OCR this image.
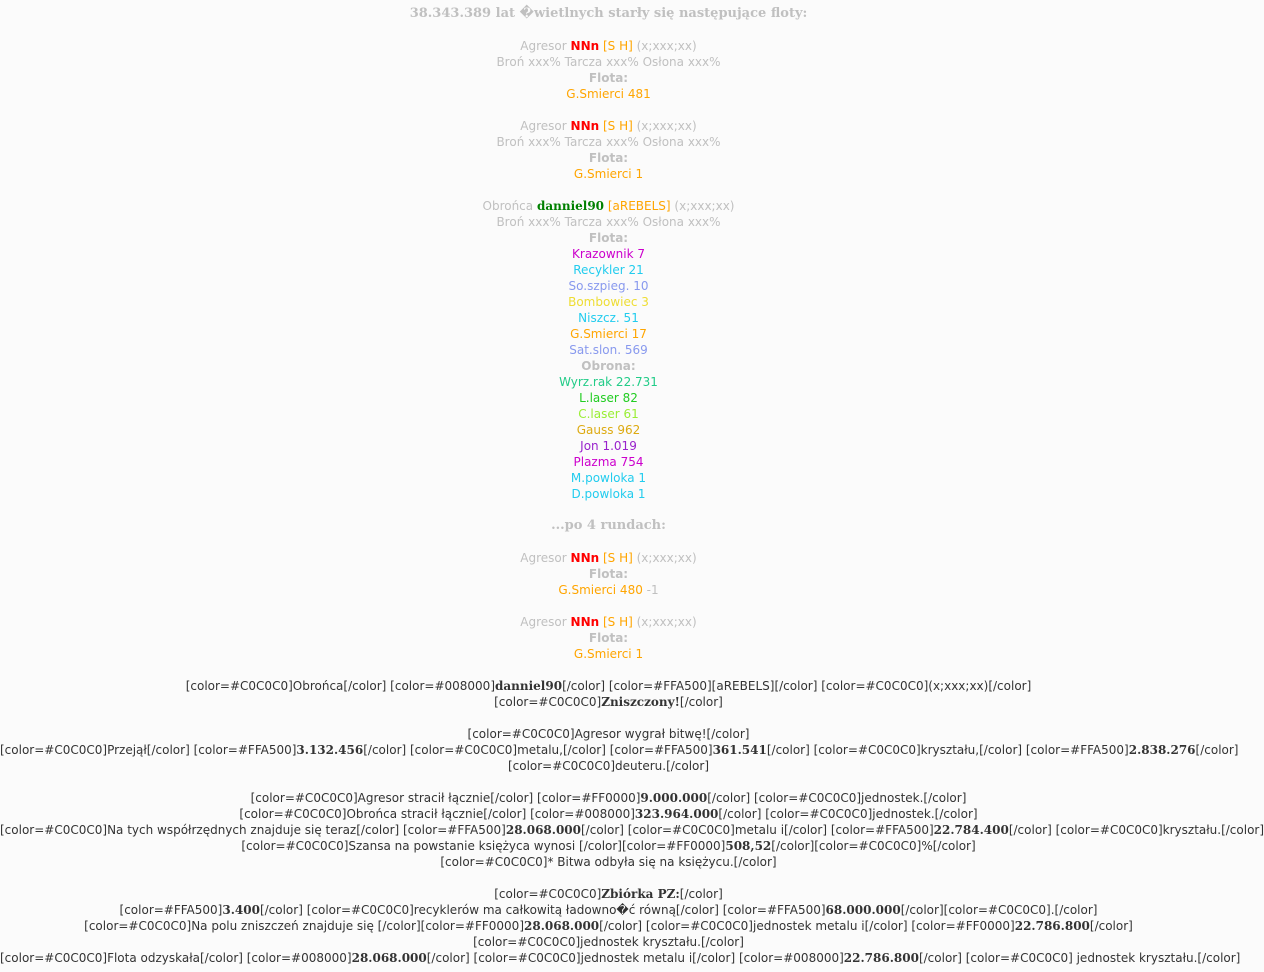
38.343.389 lat �wietlnych starły się następujące floty:
Agresor NNn [S H] (x;xxx;xx)
Broń xxx% Tarcza xxx% Osłona xxx%
Flota:
G.Smierci 481
Agresor NNn [S H] (x;xxx;xx)
Broń xxx% Tarcza xxx% Osłona xxx%
Flota:
G.Smierci 1
Obrońca danniel90 [aREBELS] (x;xxx;xx)
Broń xxx% Tarcza xxx% Osłona xxx%
Flota:
Krazownik 7
Recykler 21
So.szpieg. 10
Bombowiec 3
Niszcz. 51
G.Smierci 17
Sat.slon. 569
Obrona:
Wyrz.rak 22.731
L.laser 82
C.laser 61
Gauss 962
Jon 1.019
Plazma 754
M.powloka 1
D.powloka 1
...po 4 rundach:
Agresor NNn [S H] (x;xxx;xx)
Flota:
G.Smierci 480 -1
Agresor NNn [S H] (x;xxx;xx)
Flota:
G.Smierci 1
[color=#C0C0C0]Obrońca[/color] [color=#008000]danniel90[/color] [color=#FFA500][aREBELS][/color] [color=#C0C0C0](x;xxx;xx)[/color]
[color=#C0C0C0]Zniszczony![/color]
[color=#C0C0C0]Agresor wygrał bitwę![/color]
[color=#C0C0C0]Przejął[/color] [color=#FFA500]3.132.456[/color] [color=#C0C0C0]metalu,[/color] [color=#FFA500]361.541[/color] [color=#C0C0C0]kryształu,[/color] [color=#FFA500]2.838.276[/color]
[color=#C0C0C0]deuteru.[/color]
[color=#C0C0C0]Agresor stracił łącznie[/color] [color=#FF0000]9.000.000[/color] [color=#C0C0C0]jednostek.[/color]
[color=#C0C0C0]Obrońca stracił łącznie[/color] [color=#008000]323.964.000[/color] [color=#C0C0C0]jednostek.[/color]
[color=#C0C0C0]Na tych współrzędnych znajduje się teraz[/color] [color=#FFA500]28.068.000[/color] [color=#C0C0C0]metalu i[/color] [color=#FFA500]22.784.400[/color] [color=#C0C0C0]kryształu.[/color]
[color=#C0C0C0]Szansa na powstanie księżyca wynosi [/color][color=#FF0000]508,52[/color][color=#C0C0C0]%[/color]
[color=#C0C0C0]* Bitwa odbyła się na księżycu.[/color]
[color=#C0C0C0]Zbiórka PZ:[/color]
[color=#FFA500]3.400[/color] [color=#C0C0C0]recyklerów ma całkowitą ładowno�ć równą[/color] [color=#FFA500]68.000.000[/color][color=#C0C0C0].[/color]
[color=#C0C0C0]Na polu zniszczeń znajduje się [/color][color=#FF0000]28.068.000[/color] [color=#C0C0C0]jednostek metalu i[/color] [color=#FF0000]22.786.800[/color] [color=#C0C0C0]jednostek kryształu.[/color]
[color=#C0C0C0]Flota odzyskała[/color] [color=#008000]28.068.000[/color] [color=#C0C0C0]jednostek metalu i[/color] [color=#008000]22.786.800[/color] [color=#C0C0C0] jednostek kryształu.[/color]
